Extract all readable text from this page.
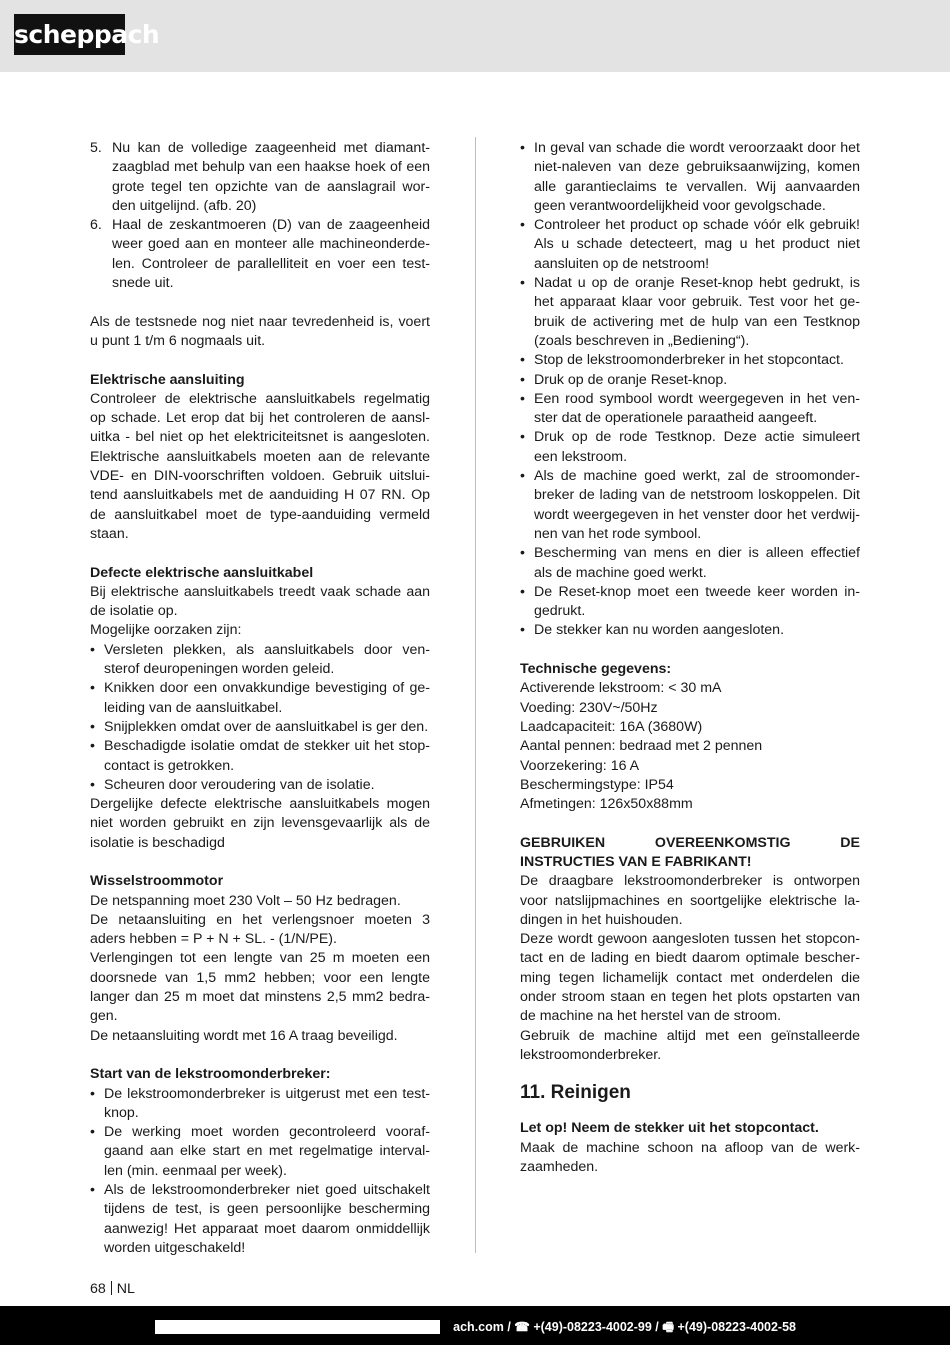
scheppach
5. Nu kan de volledige zaageenheid met diamant-zaagblad met behulp van een haakse hoek of een grote tegel ten opzichte van de aanslagrail wor-den uitgelijnd. (afb. 20)
6. Haal de zeskantmoeren (D) van de zaageenheid weer goed aan en monteer alle machineonderde-len. Controleer de parallelliteit en voer een test-snede uit.

Als de testsnede nog niet naar tevredenheid is, voert u punt 1 t/m 6 nogmaals uit.

Elektrische aansluiting

Controleer de elektrische aansluitkabels regelmatig op schade. Let erop dat bij het controleren de aansl-uitka - bel niet op het elektriciteitsnet is aangesloten. Elektrische aansluitkabels moeten aan de relevante VDE- en DIN-voorschriften voldoen. Gebruik uitslui-tend aansluitkabels met de aanduiding H 07 RN. Op de aansluitkabel moet de type-aanduiding vermeld staan.

Defecte elektrische aansluitkabel

Bij elektrische aansluitkabels treedt vaak schade aan de isolatie op.

Mogelijke oorzaken zijn:

• Versleten plekken, als aansluitkabels door ven-sterof deuropeningen worden geleid.
• Knikken door een onvakkundige bevestiging of ge-leiding van de aansluitkabel.
• Snijplekken omdat over de aansluitkabel is ger den.
• Beschadigde isolatie omdat de stekker uit het stop-contact is getrokken.
• Scheuren door veroudering van de isolatie.

Dergelijke defecte elektrische aansluitkabels mogen niet worden gebruikt en zijn levensgevaarlijk als de isolatie is beschadigd

Wisselstroommotor

De netspanning moet 230 Volt – 50 Hz bedragen.

De netaansluiting en het verlengsnoer moeten 3 aders hebben = P + N + SL. - (1/N/PE).

Verlengingen tot een lengte van 25 m moeten een doorsnede van 1,5 mm2 hebben; voor een lengte langer dan 25 m moet dat minstens 2,5 mm2 bedra-gen.

De netaansluiting wordt met 16 A traag beveiligd.

Start van de lekstroomonderbreker:

• De lekstroomonderbreker is uitgerust met een test-knop.
• De werking moet worden gecontroleerd vooraf-gaand aan elke start en met regelmatige interval-len (min. eenmaal per week).
• Als de lekstroomonderbreker niet goed uitschakelt tijdens de test, is geen persoonlijke bescherming aanwezig! Het apparaat moet daarom onmiddellijk worden uitgeschakeld!
• In geval van schade die wordt veroorzaakt door het niet-naleven van deze gebruiksaanwijzing, komen alle garantieclaims te vervallen. Wij aanvaarden geen verantwoordelijkheid voor gevolgschade.
• Controleer het product op schade vóór elk gebruik! Als u schade detecteert, mag u het product niet aansluiten op de netstroom!
• Nadat u op de oranje Reset-knop hebt gedrukt, is het apparaat klaar voor gebruik. Test voor het ge-bruik de activering met de hulp van een Testknop (zoals beschreven in „Bediening“).
• Stop de lekstroomonderbreker in het stopcontact.
• Druk op de oranje Reset-knop.
• Een rood symbool wordt weergegeven in het ven-ster dat de operationele paraatheid aangeeft.
• Druk op de rode Testknop. Deze actie simuleert een lekstroom.
• Als de machine goed werkt, zal de stroomonder-breker de lading van de netstroom loskoppelen. Dit wordt weergegeven in het venster door het verdwij-nen van het rode symbool.
• Bescherming van mens en dier is alleen effectief als de machine goed werkt.
• De Reset-knop moet een tweede keer worden in-gedrukt.
• De stekker kan nu worden aangesloten.

Technische gegevens:

Activerende lekstroom: < 30 mA

Voeding: 230V~/50Hz

Laadcapaciteit: 16A (3680W)

Aantal pennen: bedraad met 2 pennen

Voorzekering: 16 A

Beschermingstype: IP54

Afmetingen: 126x50x88mm

GEBRUIKEN OVEREENKOMSTIG DE INSTRUCTIES VAN E FABRIKANT!

De draagbare lekstroomonderbreker is ontworpen voor natslijpmachines en soortgelijke elektrische la-dingen in het huishouden.

Deze wordt gewoon aangesloten tussen het stopcon-tact en de lading en biedt daarom optimale bescher-ming tegen lichamelijk contact met onderdelen die onder stroom staan en tegen het plots opstarten van de machine na het herstel van de stroom.

Gebruik de machine altijd met een geïnstalleerde lekstroomonderbreker.

11. Reinigen

Let op! Neem de stekker uit het stopcontact.

Maak de machine schoon na afloop van de werk-zaamheden.

68 NL
ach.com / ☎ +(49)-08223-4002-99 / 🖷 +(49)-08223-4002-58
